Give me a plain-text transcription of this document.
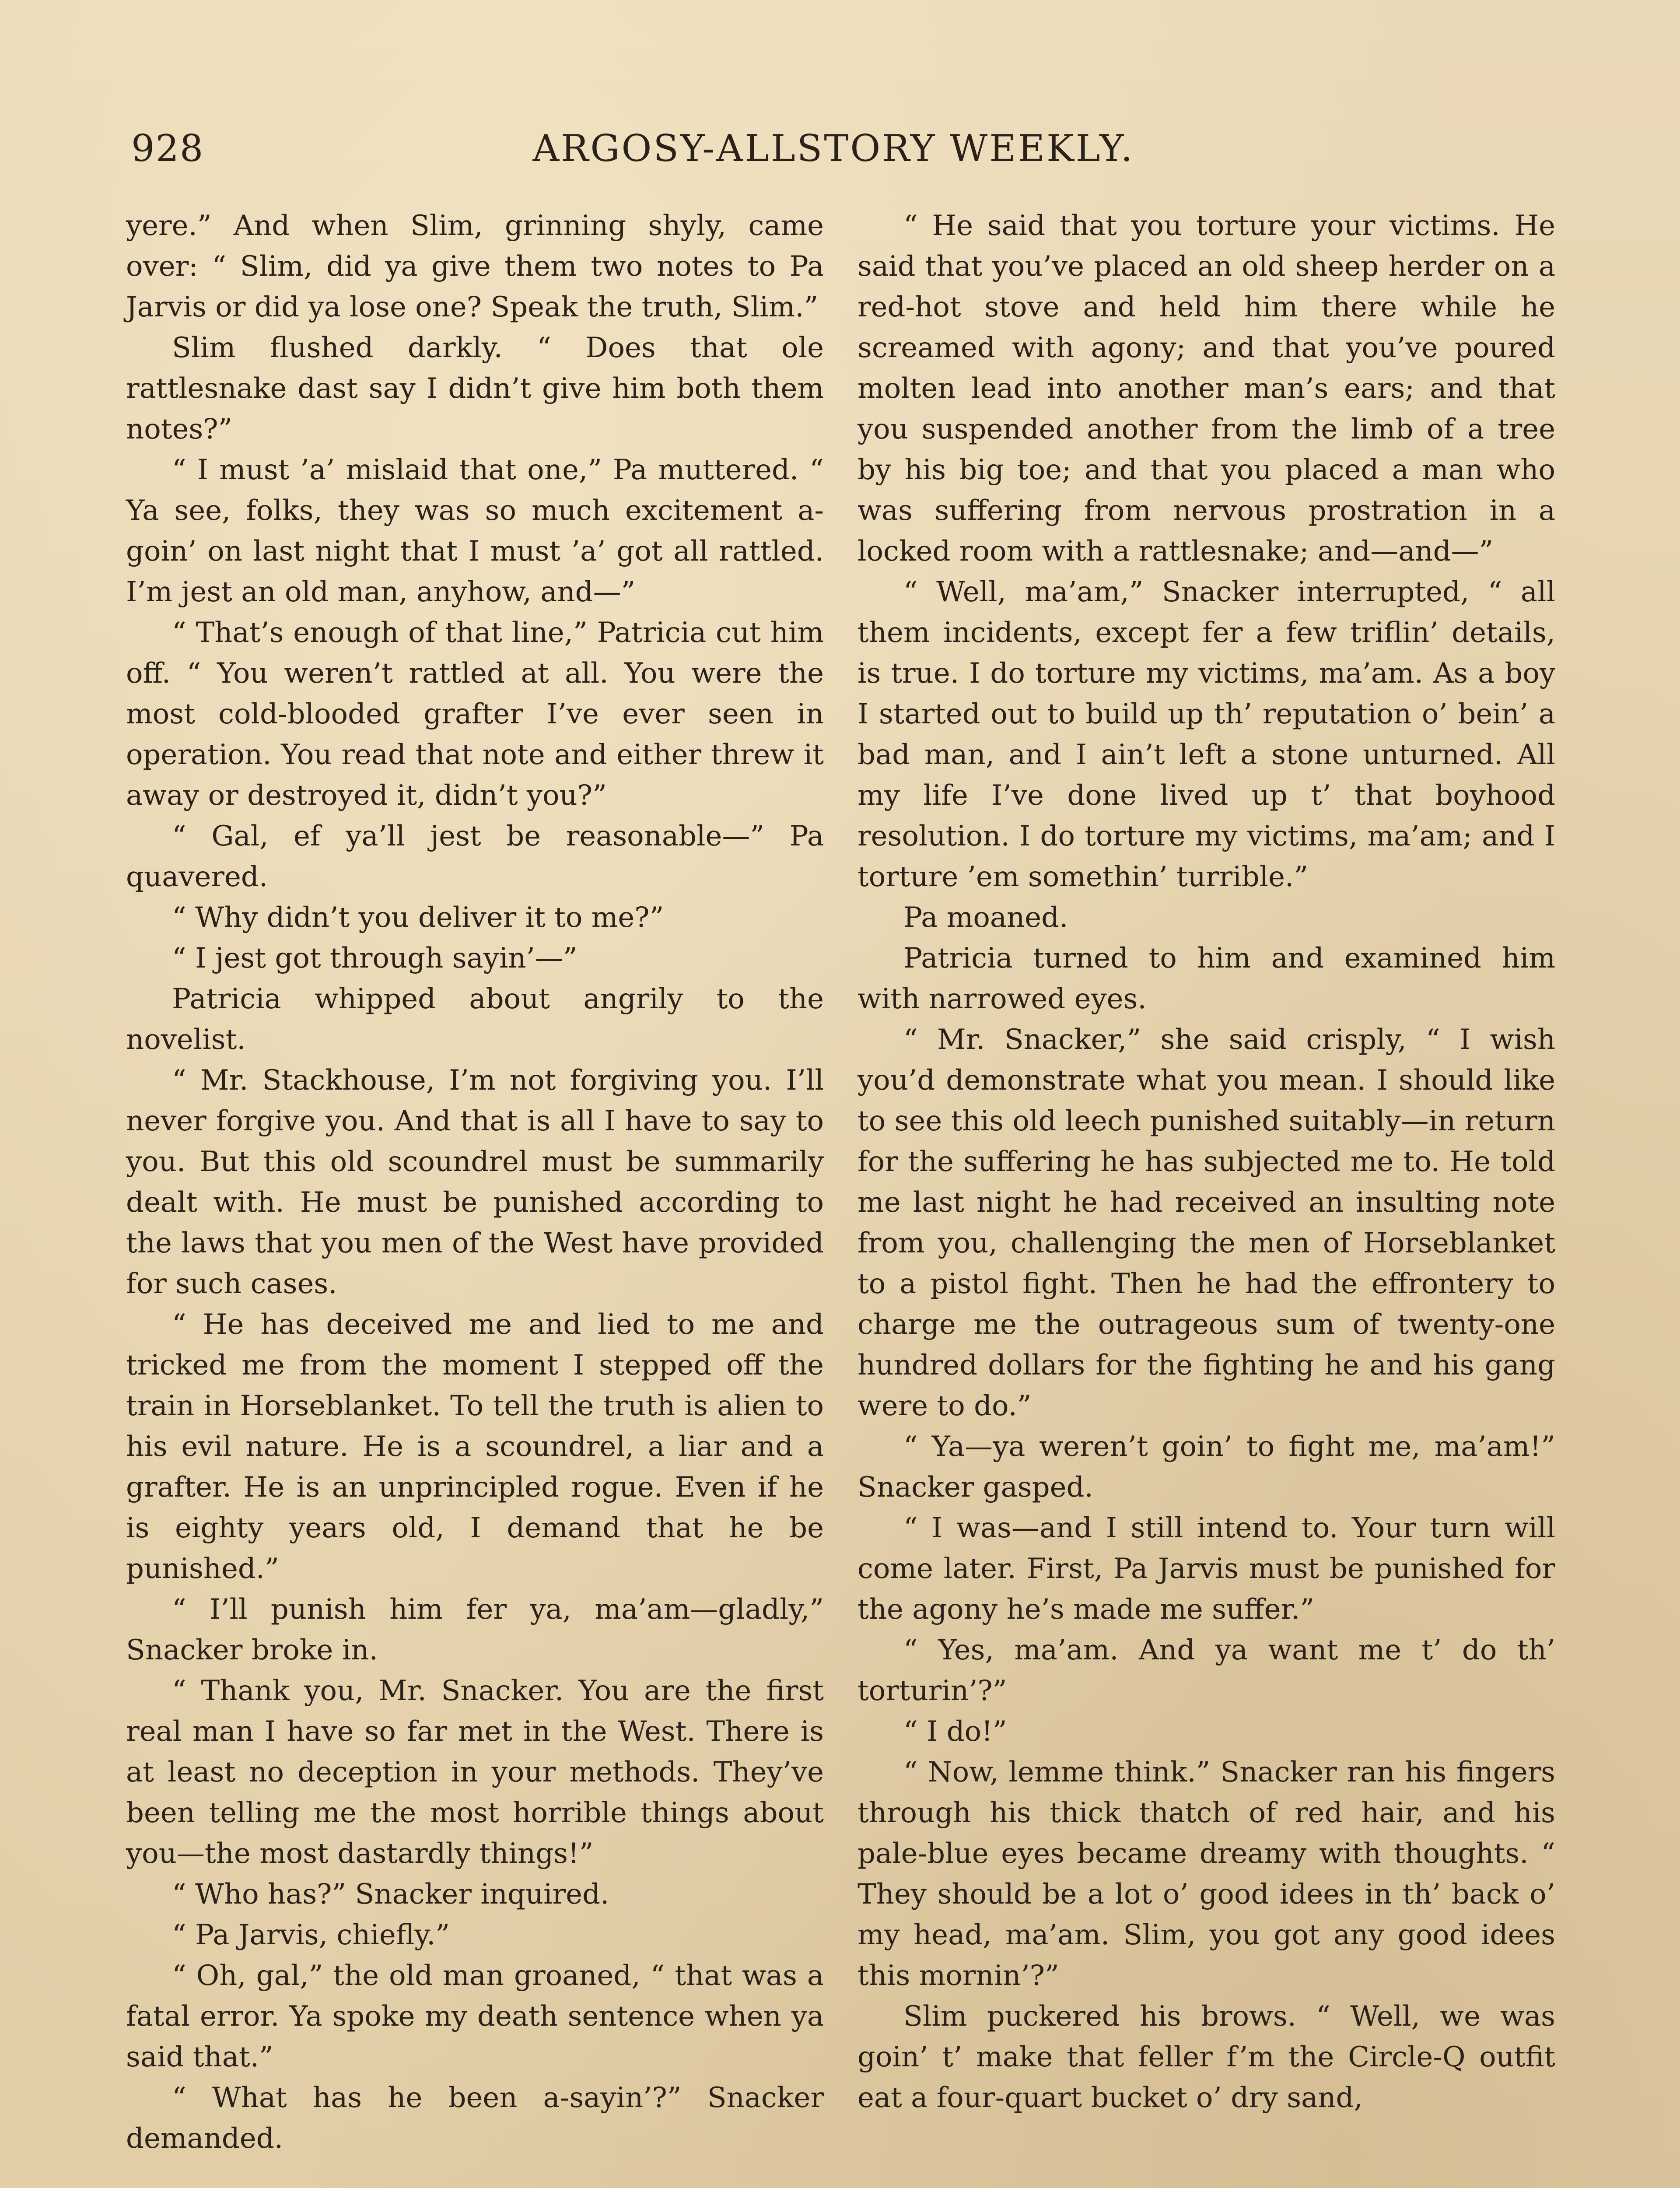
928	ARGOSY-ALLSTORY WEEKLY.

yere.” And when Slim, grinning shyly, came over: “ Slim, did ya give them two notes to Pa Jarvis or did ya lose one? Speak the truth, Slim.”

Slim flushed darkly. “ Does that ole rattlesnake dast say I didn’t give him both them notes?”

“ I must ’a’ mislaid that one,” Pa muttered. “ Ya see, folks, they was so much excitement a-goin’ on last night that I must ’a’ got all rattled. I’m jest an old man, anyhow, and—”

“ That’s enough of that line,” Patricia cut him off. “ You weren’t rattled at all. You were the most cold-blooded grafter I’ve ever seen in operation. You read that note and either threw it away or destroyed it, didn’t you?”

“ Gal, ef ya’ll jest be reasonable—” Pa quavered.

“ Why didn’t you deliver it to me?”

“ I jest got through sayin’—”

Patricia whipped about angrily to the novelist.

“ Mr. Stackhouse, I’m not forgiving you. I’ll never forgive you. And that is all I have to say to you. But this old scoundrel must be summarily dealt with. He must be punished according to the laws that you men of the West have provided for such cases.

“ He has deceived me and lied to me and tricked me from the moment I stepped off the train in Horseblanket. To tell the truth is alien to his evil nature. He is a scoundrel, a liar and a grafter. He is an unprincipled rogue. Even if he is eighty years old, I demand that he be punished.”

“ I’ll punish him fer ya, ma’am—gladly,” Snacker broke in.

“ Thank you, Mr. Snacker. You are the first real man I have so far met in the West. There is at least no deception in your methods. They’ve been telling me the most horrible things about you—the most dastardly things!”

“ Who has?” Snacker inquired.

“ Pa Jarvis, chiefly.”

“ Oh, gal,” the old man groaned, “ that was a fatal error. Ya spoke my death sentence when ya said that.”

“ What has he been a-sayin’?” Snacker demanded.

“ He said that you torture your victims. He said that you’ve placed an old sheep herder on a red-hot stove and held him there while he screamed with agony; and that you’ve poured molten lead into another man’s ears; and that you suspended another from the limb of a tree by his big toe; and that you placed a man who was suffering from nervous prostration in a locked room with a rattlesnake; and—and—”

“ Well, ma’am,” Snacker interrupted, “ all them incidents, except fer a few triflin’ details, is true. I do torture my victims, ma’am. As a boy I started out to build up th’ reputation o’ bein’ a bad man, and I ain’t left a stone unturned. All my life I’ve done lived up t’ that boyhood resolution. I do torture my victims, ma’am; and I torture ’em somethin’ turrible.”

Pa moaned.

Patricia turned to him and examined him with narrowed eyes.

“ Mr. Snacker,” she said crisply, “ I wish you’d demonstrate what you mean. I should like to see this old leech punished suitably—in return for the suffering he has subjected me to. He told me last night he had received an insulting note from you, challenging the men of Horseblanket to a pistol fight. Then he had the effrontery to charge me the outrageous sum of twenty-one hundred dollars for the fighting he and his gang were to do.”

“ Ya—ya weren’t goin’ to fight me, ma’am!” Snacker gasped.

“ I was—and I still intend to. Your turn will come later. First, Pa Jarvis must be punished for the agony he’s made me suffer.”

“ Yes, ma’am. And ya want me t’ do th’ torturin’?”

“ I do!”

“ Now, lemme think.” Snacker ran his fingers through his thick thatch of red hair, and his pale-blue eyes became dreamy with thoughts. “ They should be a lot o’ good idees in th’ back o’ my head, ma’am. Slim, you got any good idees this mornin’?”

Slim puckered his brows. “ Well, we was goin’ t’ make that feller f’m the Circle-Q outfit eat a four-quart bucket o’ dry sand,
